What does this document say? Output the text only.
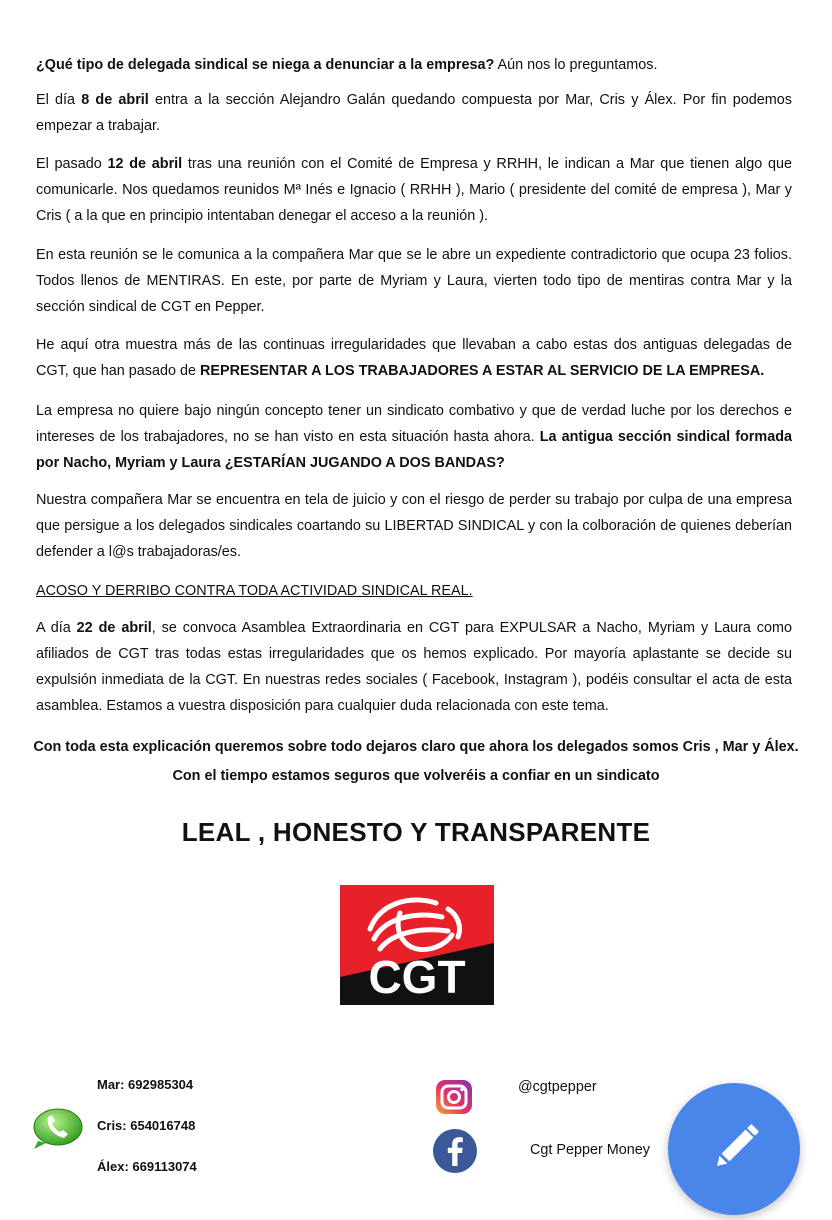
¿Qué tipo de delegada sindical se niega a denunciar a la empresa? Aún nos lo preguntamos.

El día 8 de abril entra a la sección Alejandro Galán quedando compuesta por Mar, Cris y Álex. Por fin podemos empezar a trabajar.

El pasado 12 de abril tras una reunión con el Comité de Empresa y RRHH, le indican a Mar que tienen algo que comunicarle. Nos quedamos reunidos Mª Inés e Ignacio ( RRHH ), Mario ( presidente del comité de empresa ), Mar y Cris ( a la que en principio intentaban denegar el acceso a la reunión ).

En esta reunión se le comunica a la compañera Mar que se le abre un expediente contradictorio que ocupa 23 folios. Todos llenos de MENTIRAS. En este, por parte de Myriam y Laura, vierten todo tipo de mentiras contra Mar y la sección sindical de CGT en Pepper.

He aquí otra muestra más de las continuas irregularidades que llevaban a cabo estas dos antiguas delegadas de CGT, que han pasado de REPRESENTAR A LOS TRABAJADORES A ESTAR AL SERVICIO DE LA EMPRESA.

La empresa no quiere bajo ningún concepto tener un sindicato combativo y que de verdad luche por los derechos e intereses de los trabajadores, no se han visto en esta situación hasta ahora. La antigua sección sindical formada por Nacho, Myriam y Laura ¿ESTARÍAN JUGANDO A DOS BANDAS?

Nuestra compañera Mar se encuentra en tela de juicio y con el riesgo de perder su trabajo por culpa de una empresa que persigue a los delegados sindicales coartando su LIBERTAD SINDICAL y con la colboración de quienes deberían defender a l@s trabajadoras/es.

ACOSO Y DERRIBO CONTRA TODA ACTIVIDAD SINDICAL REAL.

A día 22 de abril, se convoca Asamblea Extraordinaria en CGT para EXPULSAR a Nacho, Myriam y Laura como afiliados de CGT tras todas estas irregularidades que os hemos explicado. Por mayoría aplastante se decide su expulsión inmediata de la CGT. En nuestras redes sociales ( Facebook, Instagram ), podéis consultar el acta de esta asamblea. Estamos a vuestra disposición para cualquier duda relacionada con este tema.

Con toda esta explicación queremos sobre todo dejaros claro que ahora los delegados somos Cris , Mar y Álex.

Con el tiempo estamos seguros que volveréis a confiar en un sindicato

LEAL , HONESTO Y TRANSPARENTE

CGT
Mar: 692985304
Cris: 654016748
Álex: 669113074
@cgtpepper
Cgt Pepper Money
